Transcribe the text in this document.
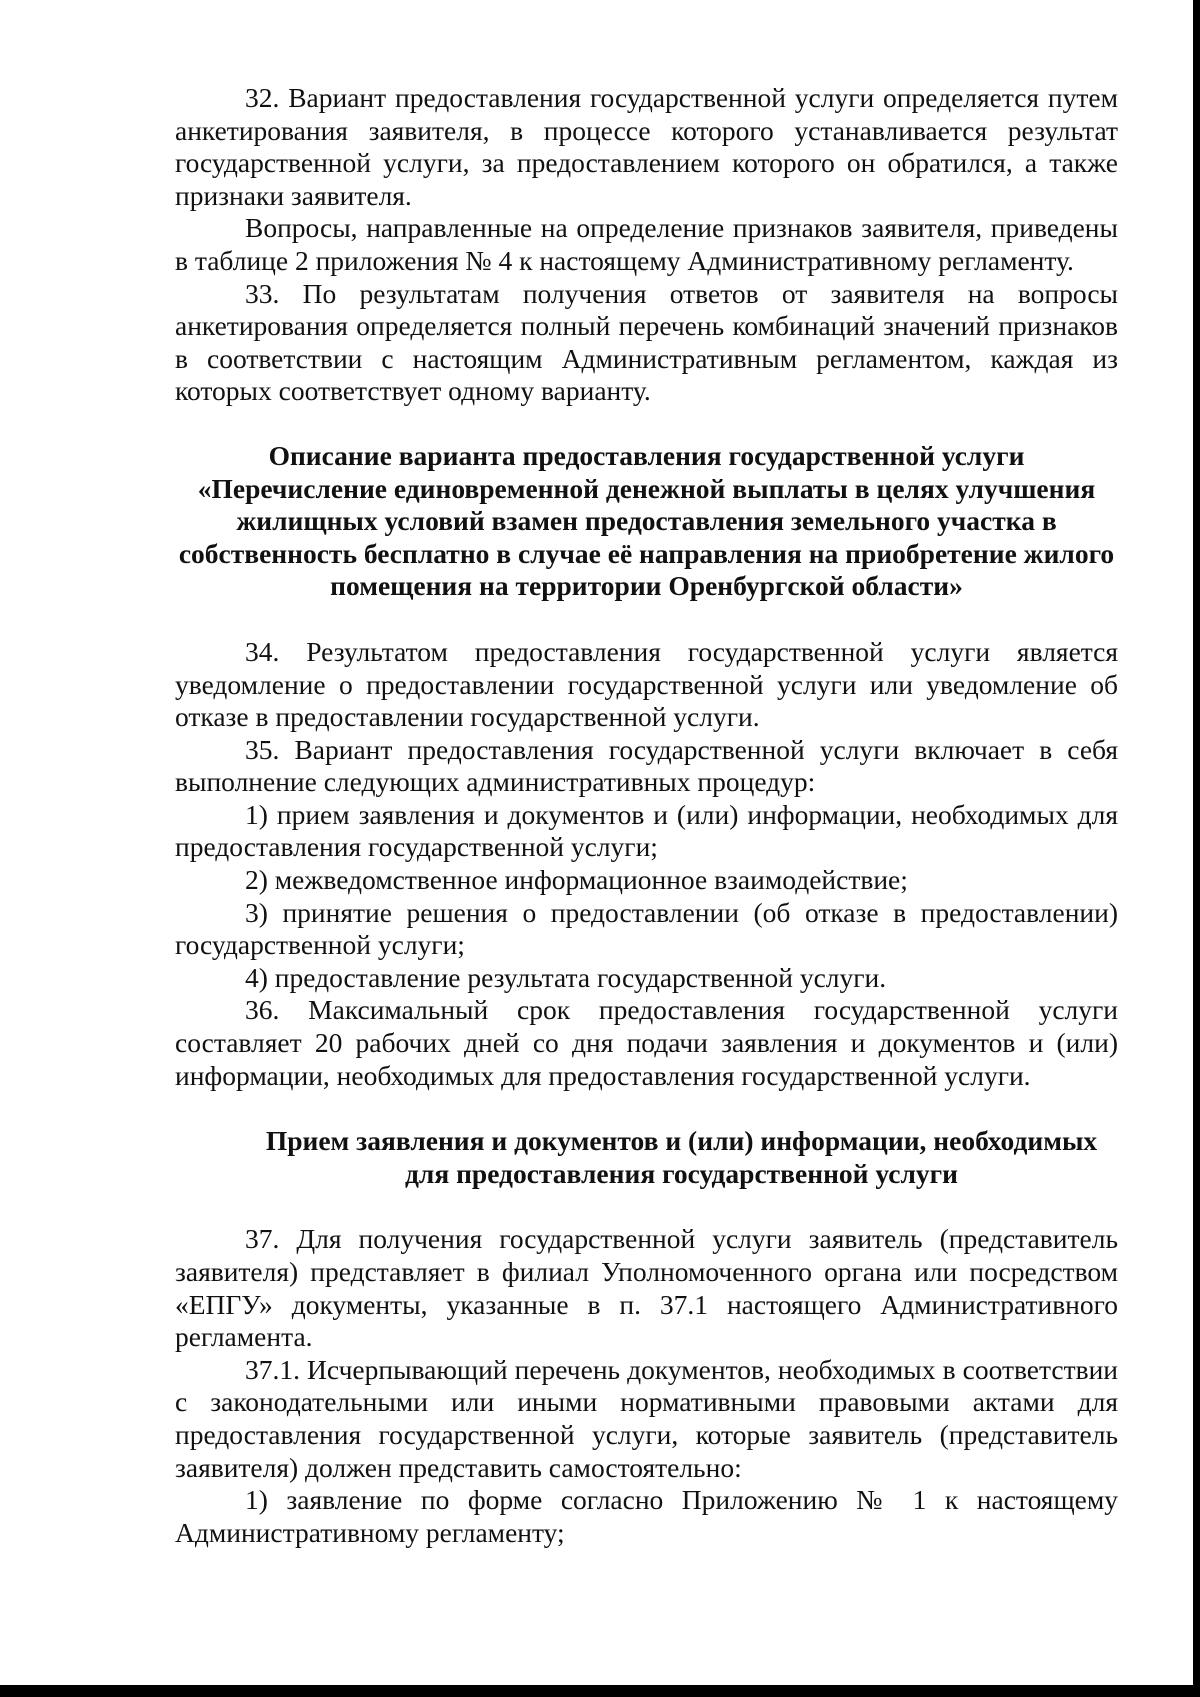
32. Вариант предоставления государственной услуги определяется путем анкетирования заявителя, в процессе которого устанавливается результат государственной услуги, за предоставлением которого он обратился, а также признаки заявителя.

Вопросы, направленные на определение признаков заявителя, приведены в таблице 2 приложения № 4 к настоящему Административному регламенту.

33. По результатам получения ответов от заявителя на вопросы анкетирования определяется полный перечень комбинаций значений признаков в соответствии с настоящим Административным регламентом, каждая из которых соответствует одному варианту.

Описание варианта предоставления государственной услуги «Перечисление единовременной денежной выплаты в целях улучшения жилищных условий взамен предоставления земельного участка в собственность бесплатно в случае её направления на приобретение жилого помещения на территории Оренбургской области»

34. Результатом предоставления государственной услуги является уведомление о предоставлении государственной услуги или уведомление об отказе в предоставлении государственной услуги.

35. Вариант предоставления государственной услуги включает в себя выполнение следующих административных процедур:

1) прием заявления и документов и (или) информации, необходимых для предоставления государственной услуги;

2) межведомственное информационное взаимодействие;

3) принятие решения о предоставлении (об отказе в предоставлении) государственной услуги;

4) предоставление результата государственной услуги.

36. Максимальный срок предоставления государственной услуги составляет 20 рабочих дней со дня подачи заявления и документов и (или) информации, необходимых для предоставления государственной услуги.

Прием заявления и документов и (или) информации, необходимых для предоставления государственной услуги

37. Для получения государственной услуги заявитель (представитель заявителя) представляет в филиал Уполномоченного органа или посредством «ЕПГУ» документы, указанные в п. 37.1 настоящего Административного регламента.

37.1. Исчерпывающий перечень документов, необходимых в соответствии с законодательными или иными нормативными правовыми актами для предоставления государственной услуги, которые заявитель (представитель заявителя) должен представить самостоятельно:

1) заявление по форме согласно Приложению № 1 к настоящему Административному регламенту;
